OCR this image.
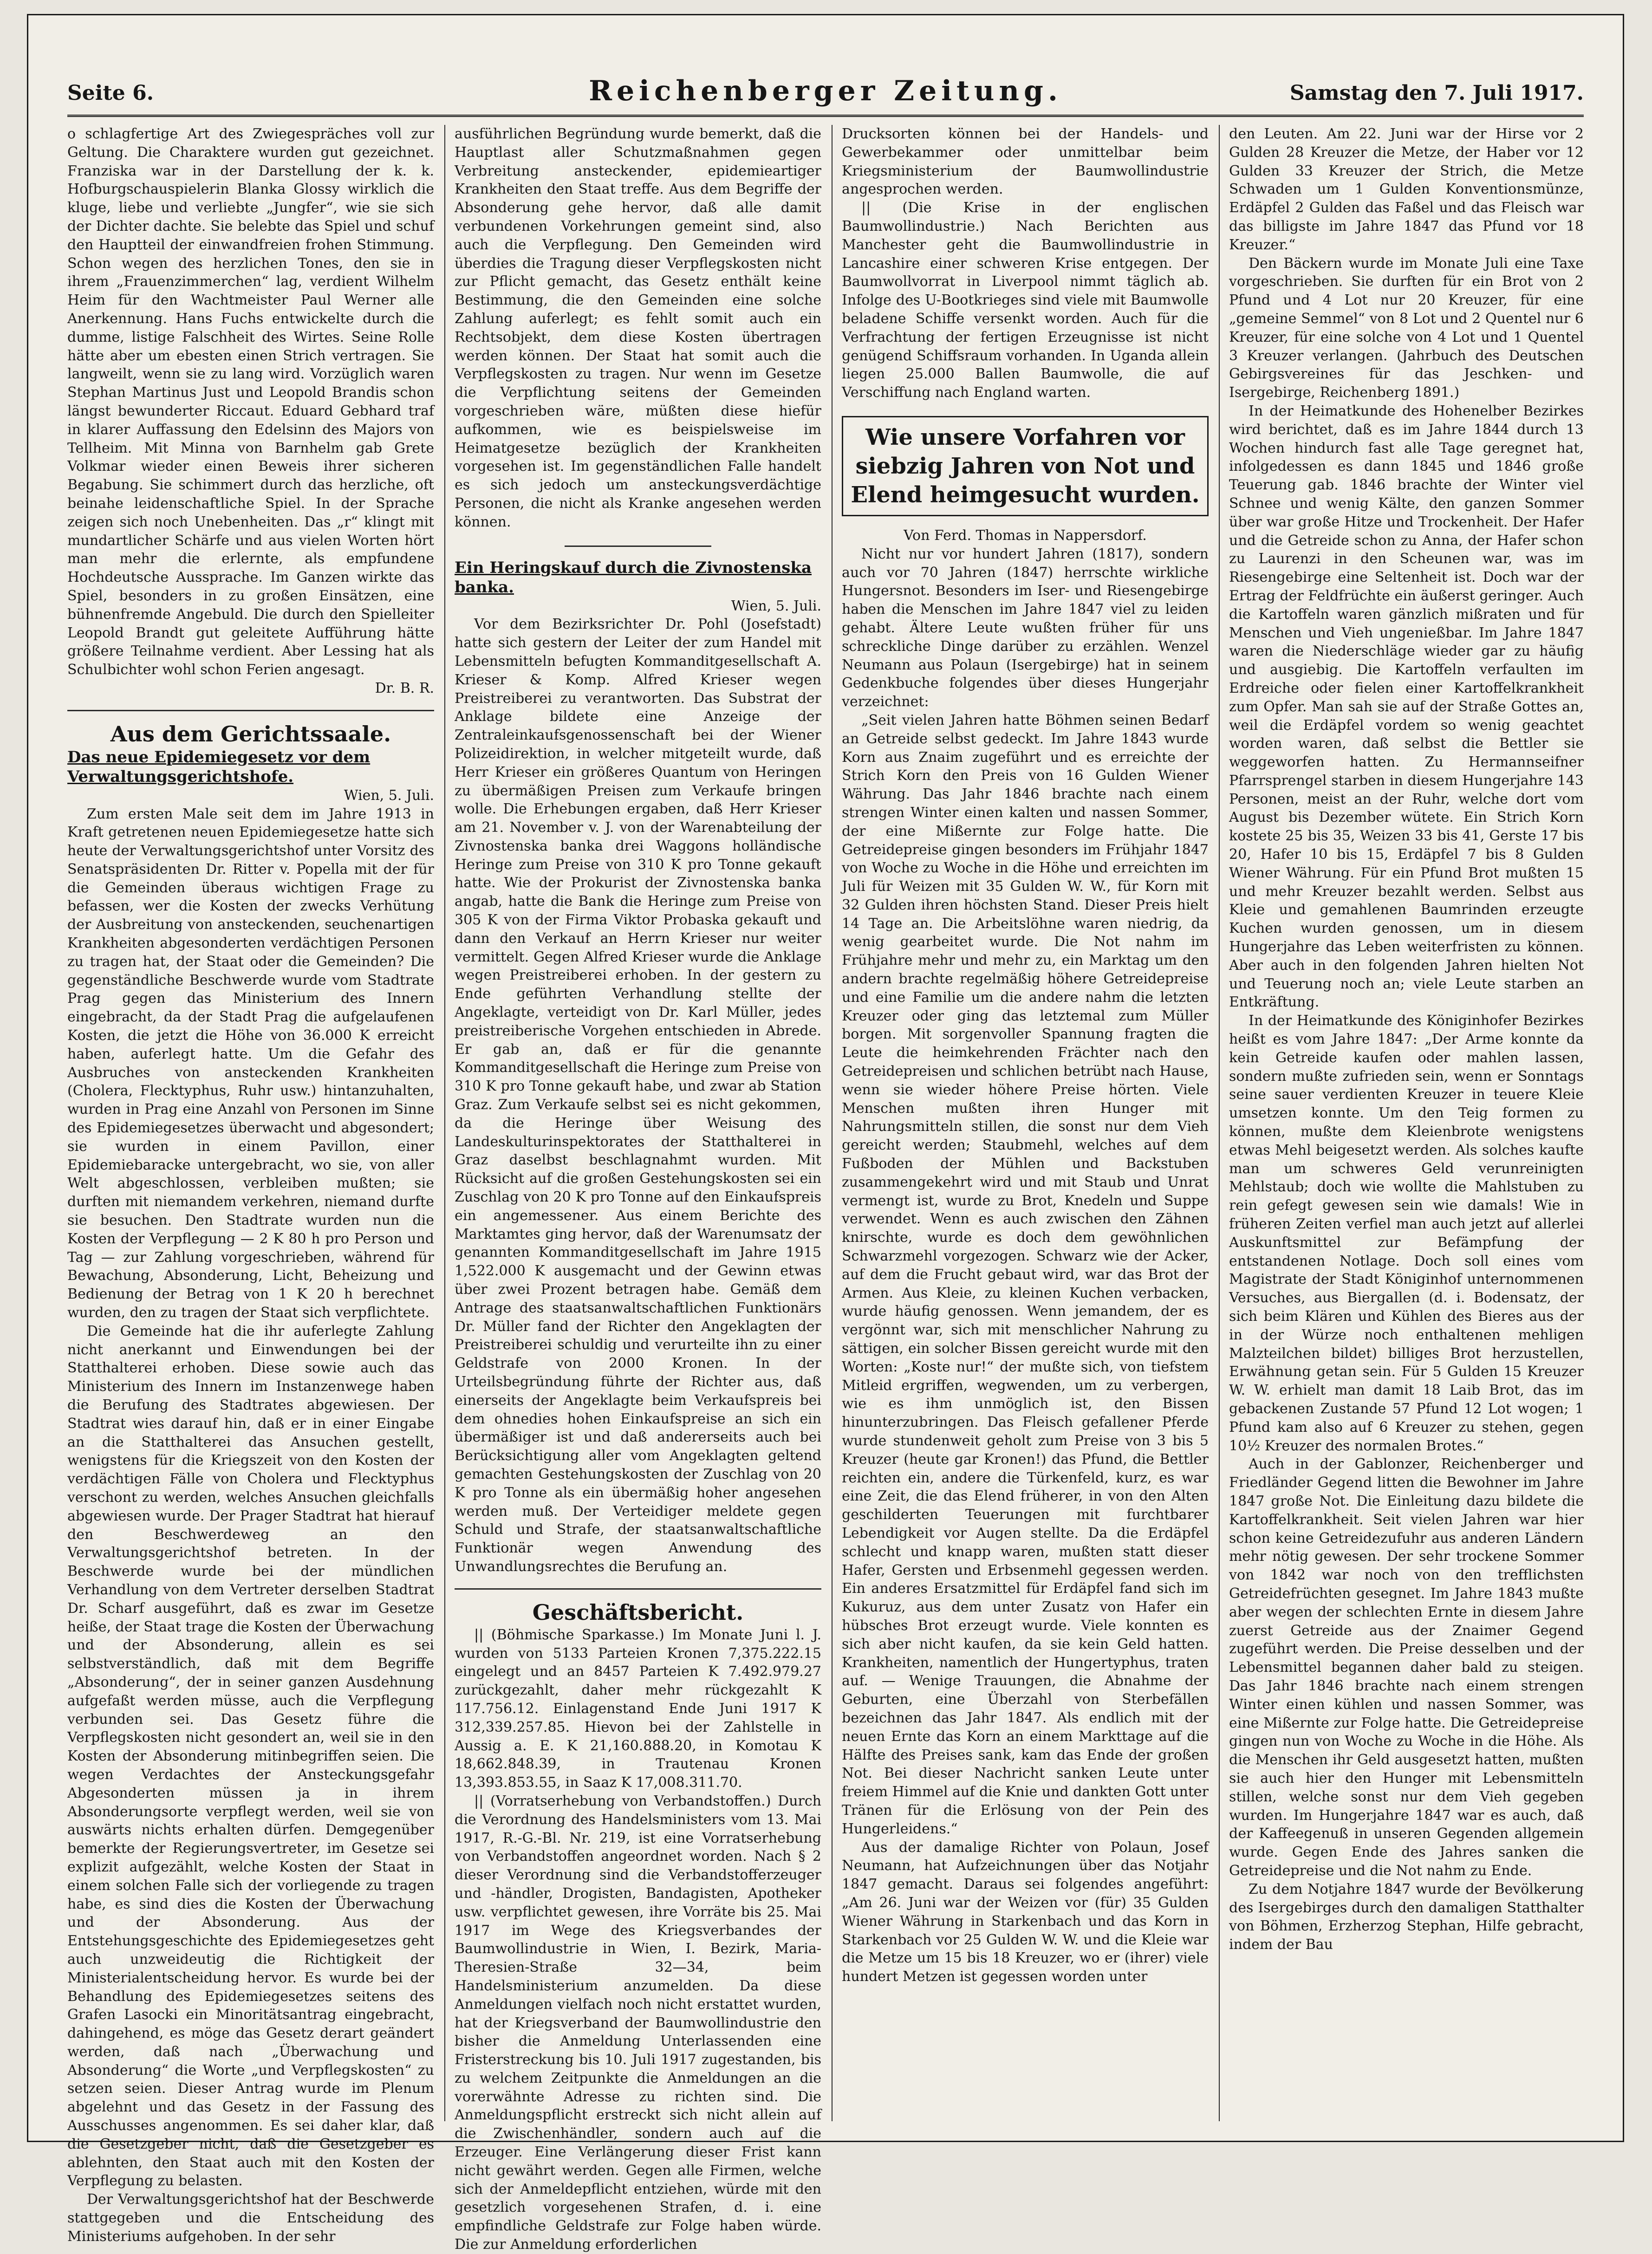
Seite 6.	Reichenberger Zeitung.	Samstag den 7. Juli 1917.

o schlagfertige Art des Zwiegespräches voll zur Geltung. Die Charaktere wurden gut gezeichnet. Franziska war in der Darstellung der k. k. Hofburgschauspielerin Blanka Glossy wirklich die kluge, liebe und verliebte „Jungfer“, wie sie sich der Dichter dachte. Sie belebte das Spiel und schuf den Hauptteil der einwandfreien frohen Stimmung. Schon wegen des herzlichen Tones, den sie in ihrem „Frauenzimmerchen“ lag, verdient Wilhelm Heim für den Wachtmeister Paul Werner alle Anerkennung. Hans Fuchs entwickelte durch die dumme, listige Falschheit des Wirtes. Seine Rolle hätte aber um ebesten einen Strich vertragen. Sie langweilt, wenn sie zu lang wird. Vorzüglich waren Stephan Martinus Just und Leopold Brandis schon längst bewunderter Riccaut. Eduard Gebhard traf in klarer Auffassung den Edelsinn des Majors von Tellheim. Mit Minna von Barnhelm gab Grete Volkmar wieder einen Beweis ihrer sicheren Begabung. Sie schimmert durch das herzliche, oft beinahe leidenschaftliche Spiel. In der Sprache zeigen sich noch Unebenheiten. Das „r“ klingt mit mundartlicher Schärfe und aus vielen Worten hört man mehr die erlernte, als empfundene Hochdeutsche Aussprache. Im Ganzen wirkte das Spiel, besonders in zu großen Einsätzen, eine bühnenfremde Angebuld. Die durch den Spielleiter Leopold Brandt gut geleitete Aufführung hätte größere Teilnahme verdient. Aber Lessing hat als Schulbichter wohl schon Ferien angesagt.

Dr. B. R.

Aus dem Gerichtssaale.

Das neue Epidemiegesetz vor dem Verwaltungsgerichtshofe.

Wien, 5. Juli.

Zum ersten Male seit dem im Jahre 1913 in Kraft getretenen neuen Epidemiegesetze hatte sich heute der Verwaltungsgerichtshof unter Vorsitz des Senatspräsidenten Dr. Ritter v. Popella mit der für die Gemeinden überaus wichtigen Frage zu befassen, wer die Kosten der zwecks Verhütung der Ausbreitung von ansteckenden, seuchenartigen Krankheiten abgesonderten verdächtigen Personen zu tragen hat, der Staat oder die Gemeinden? Die gegenständliche Beschwerde wurde vom Stadtrate Prag gegen das Ministerium des Innern eingebracht, da der Stadt Prag die aufgelaufenen Kosten, die jetzt die Höhe von 36.000 K erreicht haben, auferlegt hatte. Um die Gefahr des Ausbruches von ansteckenden Krankheiten (Cholera, Flecktyphus, Ruhr usw.) hintanzuhalten, wurden in Prag eine Anzahl von Personen im Sinne des Epidemiegesetzes überwacht und abgesondert; sie wurden in einem Pavillon, einer Epidemiebaracke untergebracht, wo sie, von aller Welt abgeschlossen, verbleiben mußten; sie durften mit niemandem verkehren, niemand durfte sie besuchen. Den Stadtrate wurden nun die Kosten der Verpflegung — 2 K 80 h pro Person und Tag — zur Zahlung vorgeschrieben, während für Bewachung, Absonderung, Licht, Beheizung und Bedienung der Betrag von 1 K 20 h berechnet wurden, den zu tragen der Staat sich verpflichtete.

Die Gemeinde hat die ihr auferlegte Zahlung nicht anerkannt und Einwendungen bei der Statthalterei erhoben. Diese sowie auch das Ministerium des Innern im Instanzenwege haben die Berufung des Stadtrates abgewiesen. Der Stadtrat wies darauf hin, daß er in einer Eingabe an die Statthalterei das Ansuchen gestellt, wenigstens für die Kriegszeit von den Kosten der verdächtigen Fälle von Cholera und Flecktyphus verschont zu werden, welches Ansuchen gleichfalls abgewiesen wurde. Der Prager Stadtrat hat hierauf den Beschwerdeweg an den Verwaltungsgerichtshof betreten. In der Beschwerde wurde bei der mündlichen Verhandlung von dem Vertreter derselben Stadtrat Dr. Scharf ausgeführt, daß es zwar im Gesetze heiße, der Staat trage die Kosten der Überwachung und der Absonderung, allein es sei selbstverständlich, daß mit dem Begriffe „Absonderung“, der in seiner ganzen Ausdehnung aufgefaßt werden müsse, auch die Verpflegung verbunden sei. Das Gesetz führe die Verpflegskosten nicht gesondert an, weil sie in den Kosten der Absonderung mitinbegriffen seien. Die wegen Verdachtes der Ansteckungsgefahr Abgesonderten müssen ja in ihrem Absonderungsorte verpflegt werden, weil sie von auswärts nichts erhalten dürfen. Demgegenüber bemerkte der Regierungsvertreter, im Gesetze sei explizit aufgezählt, welche Kosten der Staat in einem solchen Falle sich der vorliegende zu tragen habe, es sind dies die Kosten der Überwachung und der Absonderung. Aus der Entstehungsgeschichte des Epidemiegesetzes geht auch unzweideutig die Richtigkeit der Ministerialentscheidung hervor. Es wurde bei der Behandlung des Epidemiegesetzes seitens des Grafen Lasocki ein Minoritätsantrag eingebracht, dahingehend, es möge das Gesetz derart geändert werden, daß nach „Überwachung und Absonderung“ die Worte „und Verpflegskosten“ zu setzen seien. Dieser Antrag wurde im Plenum abgelehnt und das Gesetz in der Fassung des Ausschusses angenommen. Es sei daher klar, daß die Gesetzgeber nicht, daß die Gesetzgeber es ablehnten, den Staat auch mit den Kosten der Verpflegung zu belasten.

Der Verwaltungsgerichtshof hat der Beschwerde stattgegeben und die Entscheidung des Ministeriums aufgehoben. In der sehr

ausführlichen Begründung wurde bemerkt, daß die Hauptlast aller Schutzmaßnahmen gegen Verbreitung ansteckender, epidemieartiger Krankheiten den Staat treffe. Aus dem Begriffe der Absonderung gehe hervor, daß alle damit verbundenen Vorkehrungen gemeint sind, also auch die Verpflegung. Den Gemeinden wird überdies die Tragung dieser Verpflegskosten nicht zur Pflicht gemacht, das Gesetz enthält keine Bestimmung, die den Gemeinden eine solche Zahlung auferlegt; es fehlt somit auch ein Rechtsobjekt, dem diese Kosten übertragen werden können. Der Staat hat somit auch die Verpflegskosten zu tragen. Nur wenn im Gesetze die Verpflichtung seitens der Gemeinden vorgeschrieben wäre, müßten diese hiefür aufkommen, wie es beispielsweise im Heimatgesetze bezüglich der Krankheiten vorgesehen ist. Im gegenständlichen Falle handelt es sich jedoch um ansteckungsverdächtige Personen, die nicht als Kranke angesehen werden können.

Ein Heringskauf durch die Zivnostenska banka.

Wien, 5. Juli.

Vor dem Bezirksrichter Dr. Pohl (Josefstadt) hatte sich gestern der Leiter der zum Handel mit Lebensmitteln befugten Kommanditgesellschaft A. Krieser & Komp. Alfred Krieser wegen Preistreiberei zu verantworten. Das Substrat der Anklage bildete eine Anzeige der Zentraleinkaufsgenossenschaft bei der Wiener Polizeidirektion, in welcher mitgeteilt wurde, daß Herr Krieser ein größeres Quantum von Heringen zu übermäßigen Preisen zum Verkaufe bringen wolle. Die Erhebungen ergaben, daß Herr Krieser am 21. November v. J. von der Warenabteilung der Zivnostenska banka drei Waggons holländische Heringe zum Preise von 310 K pro Tonne gekauft hatte. Wie der Prokurist der Zivnostenska banka angab, hatte die Bank die Heringe zum Preise von 305 K von der Firma Viktor Probaska gekauft und dann den Verkauf an Herrn Krieser nur weiter vermittelt. Gegen Alfred Krieser wurde die Anklage wegen Preistreiberei erhoben. In der gestern zu Ende geführten Verhandlung stellte der Angeklagte, verteidigt von Dr. Karl Müller, jedes preistreiberische Vorgehen entschieden in Abrede. Er gab an, daß er für die genannte Kommanditgesellschaft die Heringe zum Preise von 310 K pro Tonne gekauft habe, und zwar ab Station Graz. Zum Verkaufe selbst sei es nicht gekommen, da die Heringe über Weisung des Landeskulturinspektorates der Statthalterei in Graz daselbst beschlagnahmt wurden. Mit Rücksicht auf die großen Gestehungskosten sei ein Zuschlag von 20 K pro Tonne auf den Einkaufspreis ein angemessener. Aus einem Berichte des Marktamtes ging hervor, daß der Warenumsatz der genannten Kommanditgesellschaft im Jahre 1915 1,522.000 K ausgemacht und der Gewinn etwas über zwei Prozent betragen habe. Gemäß dem Antrage des staatsanwaltschaftlichen Funktionärs Dr. Müller fand der Richter den Angeklagten der Preistreiberei schuldig und verurteilte ihn zu einer Geldstrafe von 2000 Kronen. In der Urteilsbegründung führte der Richter aus, daß einerseits der Angeklagte beim Verkaufspreis bei dem ohnedies hohen Einkaufspreise an sich ein übermäßiger ist und daß andererseits auch bei Berücksichtigung aller vom Angeklagten geltend gemachten Gestehungskosten der Zuschlag von 20 K pro Tonne als ein übermäßig hoher angesehen werden muß. Der Verteidiger meldete gegen Schuld und Strafe, der staatsanwaltschaftliche Funktionär wegen Anwendung des Unwandlungsrechtes die Berufung an.

Geschäftsbericht.

|| (Böhmische Sparkasse.) Im Monate Juni l. J. wurden von 5133 Parteien Kronen 7,375.222.15 eingelegt und an 8457 Parteien K 7.492.979.27 zurückgezahlt, daher mehr rückgezahlt K 117.756.12. Einlagenstand Ende Juni 1917 K 312,339.257.85. Hievon bei der Zahlstelle in Aussig a. E. K 21,160.888.20, in Komotau K 18,662.848.39, in Trautenau Kronen 13,393.853.55, in Saaz K 17,008.311.70.

|| (Vorratserhebung von Verbandstoffen.) Durch die Verordnung des Handelsministers vom 13. Mai 1917, R.-G.-Bl. Nr. 219, ist eine Vorratserhebung von Verbandstoffen angeordnet worden. Nach § 2 dieser Verordnung sind die Verbandstofferzeuger und -händler, Drogisten, Bandagisten, Apotheker usw. verpflichtet gewesen, ihre Vorräte bis 25. Mai 1917 im Wege des Kriegsverbandes der Baumwollindustrie in Wien, I. Bezirk, Maria-Theresien-Straße 32—34, beim Handelsministerium anzumelden. Da diese Anmeldungen vielfach noch nicht erstattet wurden, hat der Kriegsverband der Baumwollindustrie den bisher die Anmeldung Unterlassenden eine Fristerstreckung bis 10. Juli 1917 zugestanden, bis zu welchem Zeitpunkte die Anmeldungen an die vorerwähnte Adresse zu richten sind. Die Anmeldungspflicht erstreckt sich nicht allein auf die Zwischenhändler, sondern auch auf die Erzeuger. Eine Verlängerung dieser Frist kann nicht gewährt werden. Gegen alle Firmen, welche sich der Anmeldepflicht entziehen, würde mit den gesetzlich vorgesehenen Strafen, d. i. eine empfindliche Geldstrafe zur Folge haben würde. Die zur Anmeldung erforderlichen

Drucksorten können bei der Handels- und Gewerbekammer oder unmittelbar beim Kriegsministerium der Baumwollindustrie angesprochen werden.

|| (Die Krise in der englischen Baumwollindustrie.) Nach Berichten aus Manchester geht die Baumwollindustrie in Lancashire einer schweren Krise entgegen. Der Baumwollvorrat in Liverpool nimmt täglich ab. Infolge des U-Bootkrieges sind viele mit Baumwolle beladene Schiffe versenkt worden. Auch für die Verfrachtung der fertigen Erzeugnisse ist nicht genügend Schiffsraum vorhanden. In Uganda allein liegen 25.000 Ballen Baumwolle, die auf Verschiffung nach England warten.

Wie unsere Vorfahren vor siebzig Jahren von Not und Elend heimgesucht wurden.

Von Ferd. Thomas in Nappersdorf.

Nicht nur vor hundert Jahren (1817), sondern auch vor 70 Jahren (1847) herrschte wirkliche Hungersnot. Besonders im Iser- und Riesengebirge haben die Menschen im Jahre 1847 viel zu leiden gehabt. Ältere Leute wußten früher für uns schreckliche Dinge darüber zu erzählen. Wenzel Neumann aus Polaun (Isergebirge) hat in seinem Gedenkbuche folgendes über dieses Hungerjahr verzeichnet:

„Seit vielen Jahren hatte Böhmen seinen Bedarf an Getreide selbst gedeckt. Im Jahre 1843 wurde Korn aus Znaim zugeführt und es erreichte der Strich Korn den Preis von 16 Gulden Wiener Währung. Das Jahr 1846 brachte nach einem strengen Winter einen kalten und nassen Sommer, der eine Mißernte zur Folge hatte. Die Getreidepreise gingen besonders im Frühjahr 1847 von Woche zu Woche in die Höhe und erreichten im Juli für Weizen mit 35 Gulden W. W., für Korn mit 32 Gulden ihren höchsten Stand. Dieser Preis hielt 14 Tage an. Die Arbeitslöhne waren niedrig, da wenig gearbeitet wurde. Die Not nahm im Frühjahre mehr und mehr zu, ein Marktag um den andern brachte regelmäßig höhere Getreidepreise und eine Familie um die andere nahm die letzten Kreuzer oder ging das letztemal zum Müller borgen. Mit sorgenvoller Spannung fragten die Leute die heimkehrenden Frächter nach den Getreidepreisen und schlichen betrübt nach Hause, wenn sie wieder höhere Preise hörten. Viele Menschen mußten ihren Hunger mit Nahrungsmitteln stillen, die sonst nur dem Vieh gereicht werden; Staubmehl, welches auf dem Fußboden der Mühlen und Backstuben zusammengekehrt wird und mit Staub und Unrat vermengt ist, wurde zu Brot, Knedeln und Suppe verwendet. Wenn es auch zwischen den Zähnen knirschte, wurde es doch dem gewöhnlichen Schwarzmehl vorgezogen. Schwarz wie der Acker, auf dem die Frucht gebaut wird, war das Brot der Armen. Aus Kleie, zu kleinen Kuchen verbacken, wurde häufig genossen. Wenn jemandem, der es vergönnt war, sich mit menschlicher Nahrung zu sättigen, ein solcher Bissen gereicht wurde mit den Worten: „Koste nur!“ der mußte sich, von tiefstem Mitleid ergriffen, wegwenden, um zu verbergen, wie es ihm unmöglich ist, den Bissen hinunterzubringen. Das Fleisch gefallener Pferde wurde stundenweit geholt zum Preise von 3 bis 5 Kreuzer (heute gar Kronen!) das Pfund, die Bettler reichten ein, andere die Türkenfeld, kurz, es war eine Zeit, die das Elend früherer, in von den Alten geschilderten Teuerungen mit furchtbarer Lebendigkeit vor Augen stellte. Da die Erdäpfel schlecht und knapp waren, mußten statt dieser Hafer, Gersten und Erbsenmehl gegessen werden. Ein anderes Ersatzmittel für Erdäpfel fand sich im Kukuruz, aus dem unter Zusatz von Hafer ein hübsches Brot erzeugt wurde. Viele konnten es sich aber nicht kaufen, da sie kein Geld hatten. Krankheiten, namentlich der Hungertyphus, traten auf. — Wenige Trauungen, die Abnahme der Geburten, eine Überzahl von Sterbefällen bezeichnen das Jahr 1847. Als endlich mit der neuen Ernte das Korn an einem Markttage auf die Hälfte des Preises sank, kam das Ende der großen Not. Bei dieser Nachricht sanken Leute unter freiem Himmel auf die Knie und dankten Gott unter Tränen für die Erlösung von der Pein des Hungerleidens.“

Aus der damalige Richter von Polaun, Josef Neumann, hat Aufzeichnungen über das Notjahr 1847 gemacht. Daraus sei folgendes angeführt: „Am 26. Juni war der Weizen vor (für) 35 Gulden Wiener Währung in Starkenbach und das Korn in Starkenbach vor 25 Gulden W. W. und die Kleie war die Metze um 15 bis 18 Kreuzer, wo er (ihrer) viele hundert Metzen ist gegessen worden unter

den Leuten. Am 22. Juni war der Hirse vor 2 Gulden 28 Kreuzer die Metze, der Haber vor 12 Gulden 33 Kreuzer der Strich, die Metze Schwaden um 1 Gulden Konventionsmünze, Erdäpfel 2 Gulden das Faßel und das Fleisch war das billigste im Jahre 1847 das Pfund vor 18 Kreuzer.“

Den Bäckern wurde im Monate Juli eine Taxe vorgeschrieben. Sie durften für ein Brot von 2 Pfund und 4 Lot nur 20 Kreuzer, für eine „gemeine Semmel“ von 8 Lot und 2 Quentel nur 6 Kreuzer, für eine solche von 4 Lot und 1 Quentel 3 Kreuzer verlangen. (Jahrbuch des Deutschen Gebirgsvereines für das Jeschken- und Isergebirge, Reichenberg 1891.)

In der Heimatkunde des Hohenelber Bezirkes wird berichtet, daß es im Jahre 1844 durch 13 Wochen hindurch fast alle Tage geregnet hat, infolgedessen es dann 1845 und 1846 große Teuerung gab. 1846 brachte der Winter viel Schnee und wenig Kälte, den ganzen Sommer über war große Hitze und Trockenheit. Der Hafer und die Getreide schon zu Anna, der Hafer schon zu Laurenzi in den Scheunen war, was im Riesengebirge eine Seltenheit ist. Doch war der Ertrag der Feldfrüchte ein äußerst geringer. Auch die Kartoffeln waren gänzlich mißraten und für Menschen und Vieh ungenießbar. Im Jahre 1847 waren die Niederschläge wieder gar zu häufig und ausgiebig. Die Kartoffeln verfaulten im Erdreiche oder fielen einer Kartoffelkrankheit zum Opfer. Man sah sie auf der Straße Gottes an, weil die Erdäpfel vordem so wenig geachtet worden waren, daß selbst die Bettler sie weggeworfen hatten. Zu Hermannseifner Pfarrsprengel starben in diesem Hungerjahre 143 Personen, meist an der Ruhr, welche dort vom August bis Dezember wütete. Ein Strich Korn kostete 25 bis 35, Weizen 33 bis 41, Gerste 17 bis 20, Hafer 10 bis 15, Erdäpfel 7 bis 8 Gulden Wiener Währung. Für ein Pfund Brot mußten 15 und mehr Kreuzer bezahlt werden. Selbst aus Kleie und gemahlenen Baumrinden erzeugte Kuchen wurden genossen, um in diesem Hungerjahre das Leben weiterfristen zu können. Aber auch in den folgenden Jahren hielten Not und Teuerung noch an; viele Leute starben an Entkräftung.

In der Heimatkunde des Königinhofer Bezirkes heißt es vom Jahre 1847: „Der Arme konnte da kein Getreide kaufen oder mahlen lassen, sondern mußte zufrieden sein, wenn er Sonntags seine sauer verdienten Kreuzer in teuere Kleie umsetzen konnte. Um den Teig formen zu können, mußte dem Kleienbrote wenigstens etwas Mehl beigesetzt werden. Als solches kaufte man um schweres Geld verunreinigten Mehlstaub; doch wie wollte die Mahlstuben zu rein gefegt gewesen sein wie damals! Wie in früheren Zeiten verfiel man auch jetzt auf allerlei Auskunftsmittel zur Befämpfung der entstandenen Notlage. Doch soll eines vom Magistrate der Stadt Königinhof unternommenen Versuches, aus Biergallen (d. i. Bodensatz, der sich beim Klären und Kühlen des Bieres aus der in der Würze noch enthaltenen mehligen Malzteilchen bildet) billiges Brot herzustellen, Erwähnung getan sein. Für 5 Gulden 15 Kreuzer W. W. erhielt man damit 18 Laib Brot, das im gebackenen Zustande 57 Pfund 12 Lot wogen; 1 Pfund kam also auf 6 Kreuzer zu stehen, gegen 10½ Kreuzer des normalen Brotes.“

Auch in der Gablonzer, Reichenberger und Friedländer Gegend litten die Bewohner im Jahre 1847 große Not. Die Einleitung dazu bildete die Kartoffelkrankheit. Seit vielen Jahren war hier schon keine Getreidezufuhr aus anderen Ländern mehr nötig gewesen. Der sehr trockene Sommer von 1842 war noch von den trefflichsten Getreidefrüchten gesegnet. Im Jahre 1843 mußte aber wegen der schlechten Ernte in diesem Jahre zuerst Getreide aus der Znaimer Gegend zugeführt werden. Die Preise desselben und der Lebensmittel begannen daher bald zu steigen. Das Jahr 1846 brachte nach einem strengen Winter einen kühlen und nassen Sommer, was eine Mißernte zur Folge hatte. Die Getreidepreise gingen nun von Woche zu Woche in die Höhe. Als die Menschen ihr Geld ausgesetzt hatten, mußten sie auch hier den Hunger mit Lebensmitteln stillen, welche sonst nur dem Vieh gegeben wurden. Im Hungerjahre 1847 war es auch, daß der Kaffeegenuß in unseren Gegenden allgemein wurde. Gegen Ende des Jahres sanken die Getreidepreise und die Not nahm zu Ende.

Zu dem Notjahre 1847 wurde der Bevölkerung des Isergebirges durch den damaligen Statthalter von Böhmen, Erzherzog Stephan, Hilfe gebracht, indem der Bau
